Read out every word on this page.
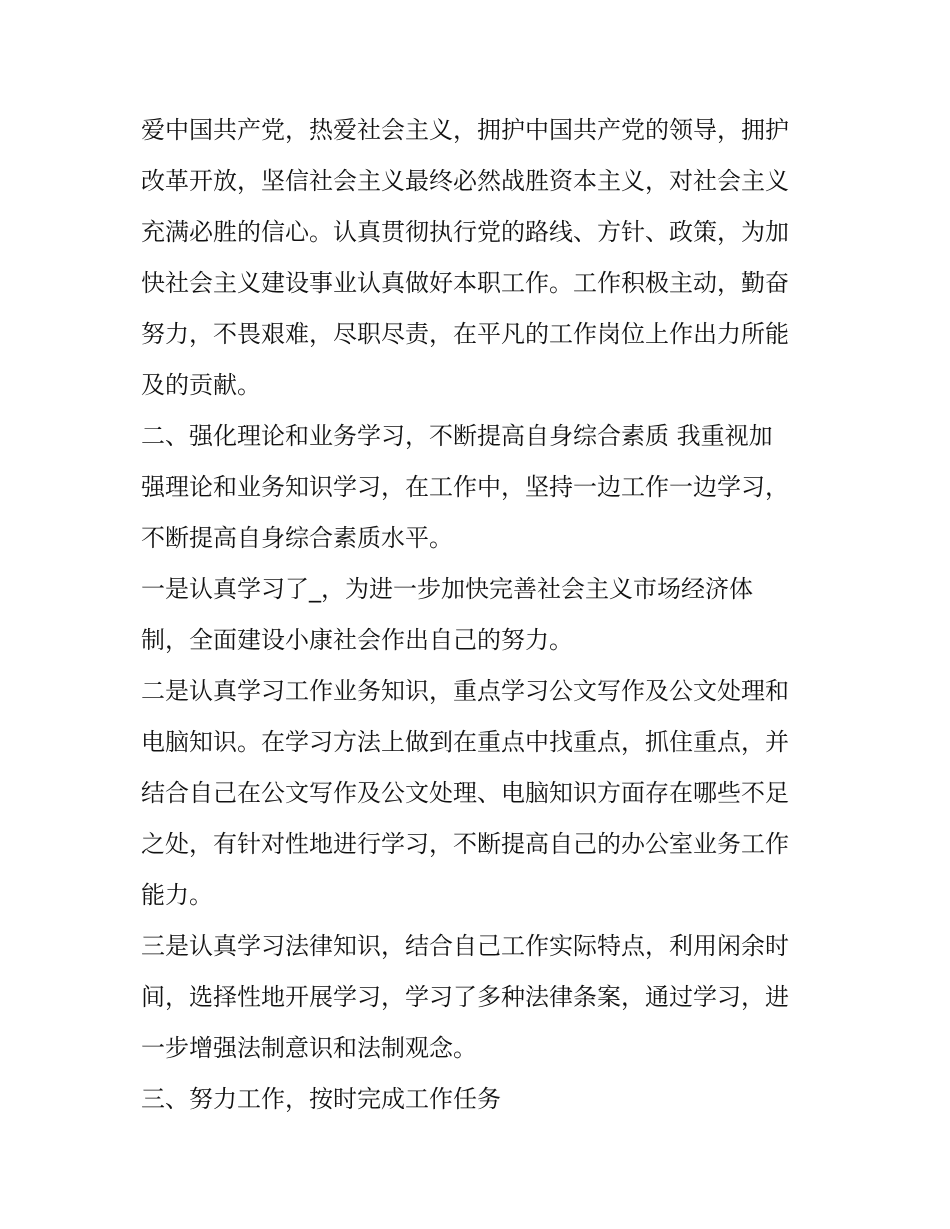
爱中国共产党，热爱社会主义，拥护中国共产党的领导，拥护
改革开放，坚信社会主义最终必然战胜资本主义，对社会主义
充满必胜的信心。认真贯彻执行党的路线、方针、政策，为加
快社会主义建设事业认真做好本职工作。工作积极主动，勤奋
努力，不畏艰难，尽职尽责，在平凡的工作岗位上作出力所能
及的贡献。
二、强化理论和业务学习，不断提高自身综合素质 我重视加
强理论和业务知识学习，在工作中，坚持一边工作一边学习，
不断提高自身综合素质水平。
一是认真学习了_，为进一步加快完善社会主义市场经济体
制，全面建设小康社会作出自己的努力。
二是认真学习工作业务知识，重点学习公文写作及公文处理和
电脑知识。在学习方法上做到在重点中找重点，抓住重点，并
结合自己在公文写作及公文处理、电脑知识方面存在哪些不足
之处，有针对性地进行学习，不断提高自己的办公室业务工作
能力。
三是认真学习法律知识，结合自己工作实际特点，利用闲余时
间，选择性地开展学习，学习了多种法律条案，通过学习，进
一步增强法制意识和法制观念。
三、努力工作，按时完成工作任务
